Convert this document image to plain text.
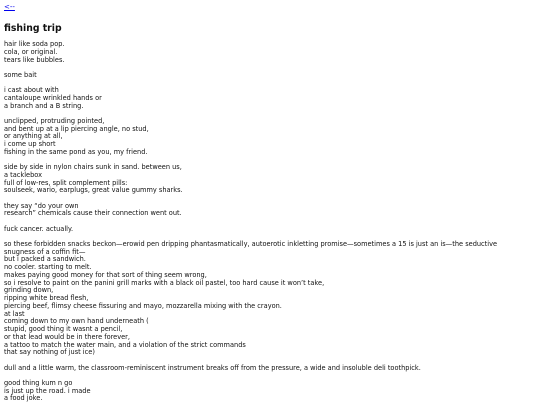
<--
fishing trip
hair like soda pop.
cola, or original.
tears like bubbles.
some bait
i cast about with
cantaloupe wrinkled hands or
a branch and a B string.
unclipped, protruding pointed,
and bent up at a lip piercing angle, no stud,
or anything at all,
i come up short
fishing in the same pond as you, my friend.
side by side in nylon chairs sunk in sand. between us,
a tacklebox
full of low-res, split complement pills:
soulseek, wario, earplugs, great value gummy sharks.
they say “do your own
research” chemicals cause their connection went out.
fuck cancer. actually.
so these forbidden snacks beckon—erowid pen dripping phantasmatically, autoerotic inkletting promise—sometimes a 15 is just an is—the seductive
snugness of a coffin fit—
but i packed a sandwich.
no cooler. starting to melt.
makes paying good money for that sort of thing seem wrong,
so i resolve to paint on the panini grill marks with a black oil pastel, too hard cause it won’t take,
grinding down,
ripping white bread flesh,
piercing beef, flimsy cheese fissuring and mayo, mozzarella mixing with the crayon.
at last
coming down to my own hand underneath (
stupid, good thing it wasnt a pencil,
or that lead would be in there forever,
a tattoo to match the water main, and a violation of the strict commands
that say nothing of just ice)
dull and a little warm, the classroom-reminiscent instrument breaks off from the pressure, a wide and insoluble deli toothpick.
good thing kum n go
is just up the road. i made
a food joke.
